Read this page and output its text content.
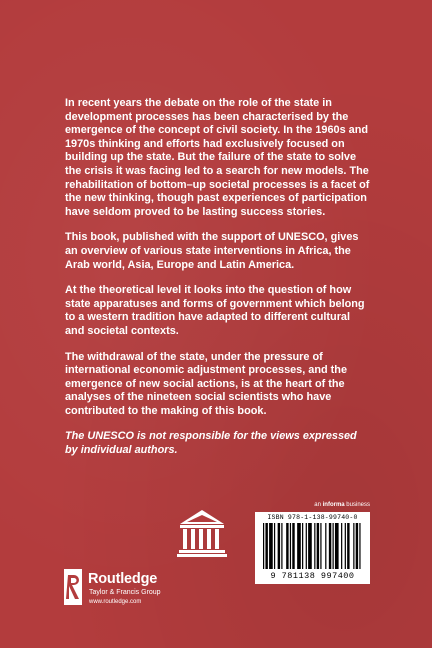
In recent years the debate on the role of the state in development processes has been characterised by the emergence of the concept of civil society. In the 1960s and 1970s thinking and efforts had exclusively focused on building up the state. But the failure of the state to solve the crisis it was facing led to a search for new models. The rehabilitation of bottom–up societal processes is a facet of the new thinking, though past experiences of participation have seldom proved to be lasting success stories.

This book, published with the support of UNESCO, gives an overview of various state interventions in Africa, the Arab world, Asia, Europe and Latin America.

At the theoretical level it looks into the question of how state apparatuses and forms of government which belong to a western tradition have adapted to different cultural and societal contexts.

The withdrawal of the state, under the pressure of international economic adjustment processes, and the emergence of new social actions, is at the heart of the analyses of the nineteen social scientists who have contributed to the making of this book.

The UNESCO is not responsible for the views expressed by individual authors.

an informa business
ISBN 978-1-138-99740-0
9 781138 997400
Routledge
Taylor & Francis Group
www.routledge.com
